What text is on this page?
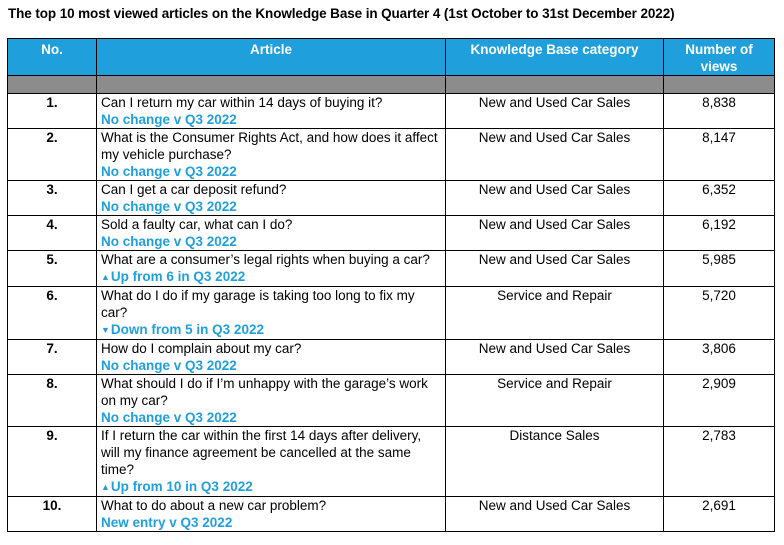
The top 10 most viewed articles on the Knowledge Base in Quarter 4 (1st October to 31st December 2022)
No.	Article	Knowledge Base category	Number of views

1.	Can I return my car within 14 days of buying it?
No change v Q3 2022	New and Used Car Sales	8,838
2.	What is the Consumer Rights Act, and how does it affect my vehicle purchase?
No change v Q3 2022	New and Used Car Sales	8,147
3.	Can I get a car deposit refund?
No change v Q3 2022	New and Used Car Sales	6,352
4.	Sold a faulty car, what can I do?
No change v Q3 2022	New and Used Car Sales	6,192
5.	What are a consumer’s legal rights when buying a car?
▲Up from 6 in Q3 2022	New and Used Car Sales	5,985
6.	What do I do if my garage is taking too long to fix my car?
▼Down from 5 in Q3 2022	Service and Repair	5,720
7.	How do I complain about my car?
No change v Q3 2022	New and Used Car Sales	3,806
8.	What should I do if I’m unhappy with the garage’s work on my car?
No change v Q3 2022	Service and Repair	2,909
9.	If I return the car within the first 14 days after delivery, will my finance agreement be cancelled at the same time?
▲Up from 10 in Q3 2022	Distance Sales	2,783
10.	What to do about a new car problem?
New entry v Q3 2022	New and Used Car Sales	2,691
